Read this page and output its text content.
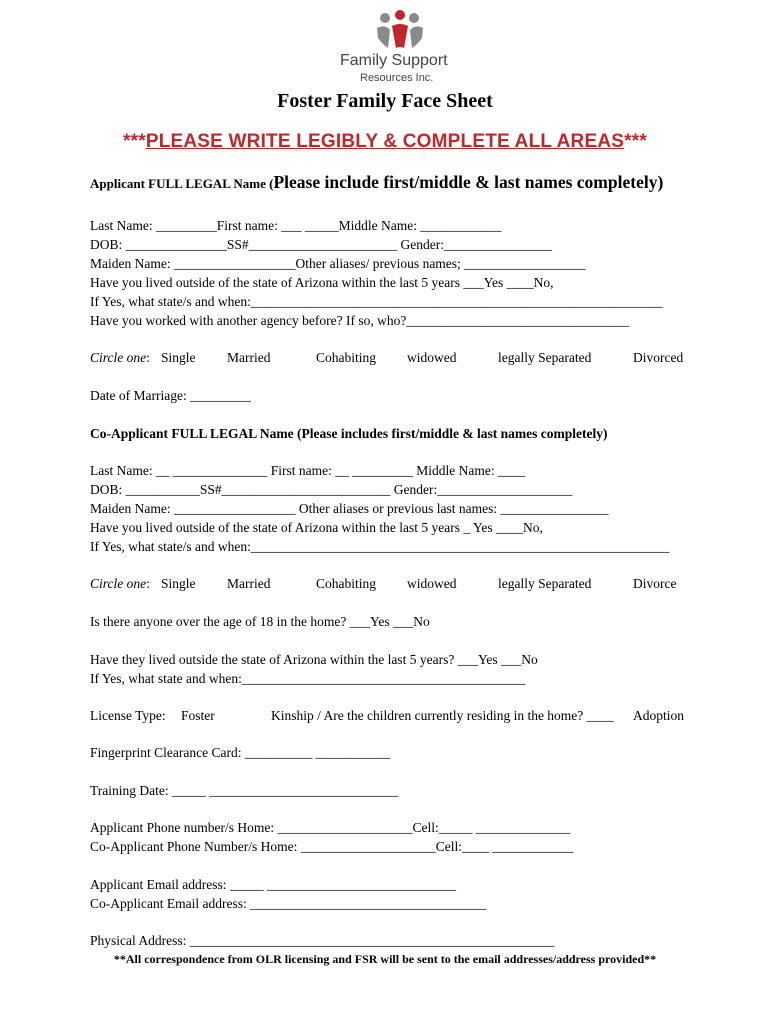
Family Support
Resources Inc.
Foster Family Face Sheet
***PLEASE WRITE LEGIBLY & COMPLETE ALL AREAS***
Applicant FULL LEGAL Name (Please include first/middle & last names completely)
Last Name: _________First name: ___ _____Middle Name: ____________
DOB: _______________SS#______________________ Gender:________________
Maiden Name: __________________Other aliases/ previous names; __________________
Have you lived outside of the state of Arizona within the last 5 years ___Yes ____No,
If Yes, what state/s and when:_____________________________________________________________
Have you worked with another agency before? If so, who?_________________________________
Circle one: Single Married	Cohabiting widowed	legally Separated	Divorced
Date of Marriage: _________
Co-Applicant FULL LEGAL Name (Please includes first/middle & last names completely)
Last Name: __ ______________ First name: __ _________ Middle Name: ____
DOB: ___________SS#_________________________ Gender:____________________
Maiden Name: __________________ Other aliases or previous last names: ________________
Have you lived outside of the state of Arizona within the last 5 years _ Yes ____No,
If Yes, what state/s and when:______________________________________________________________
Circle one: Single Married	Cohabiting widowed	legally Separated	Divorce
Is there anyone over the age of 18 in the home? ___Yes ___No
Have they lived outside the state of Arizona within the last 5 years? ___Yes ___No
If Yes, what state and when:__________________________________________
License Type: Foster	Kinship / Are the children currently residing in the home? ____ Adoption
Fingerprint Clearance Card: __________ ___________
Training Date: _____ ____________________________
Applicant Phone number/s Home: ____________________Cell:_____ ______________
Co-Applicant Phone Number/s Home: ____________________Cell:____ ____________
Applicant Email address: _____ ____________________________
Co-Applicant Email address: ___________________________________
Physical Address: ______________________________________________________
**All correspondence from OLR licensing and FSR will be sent to the email addresses/address provided**
